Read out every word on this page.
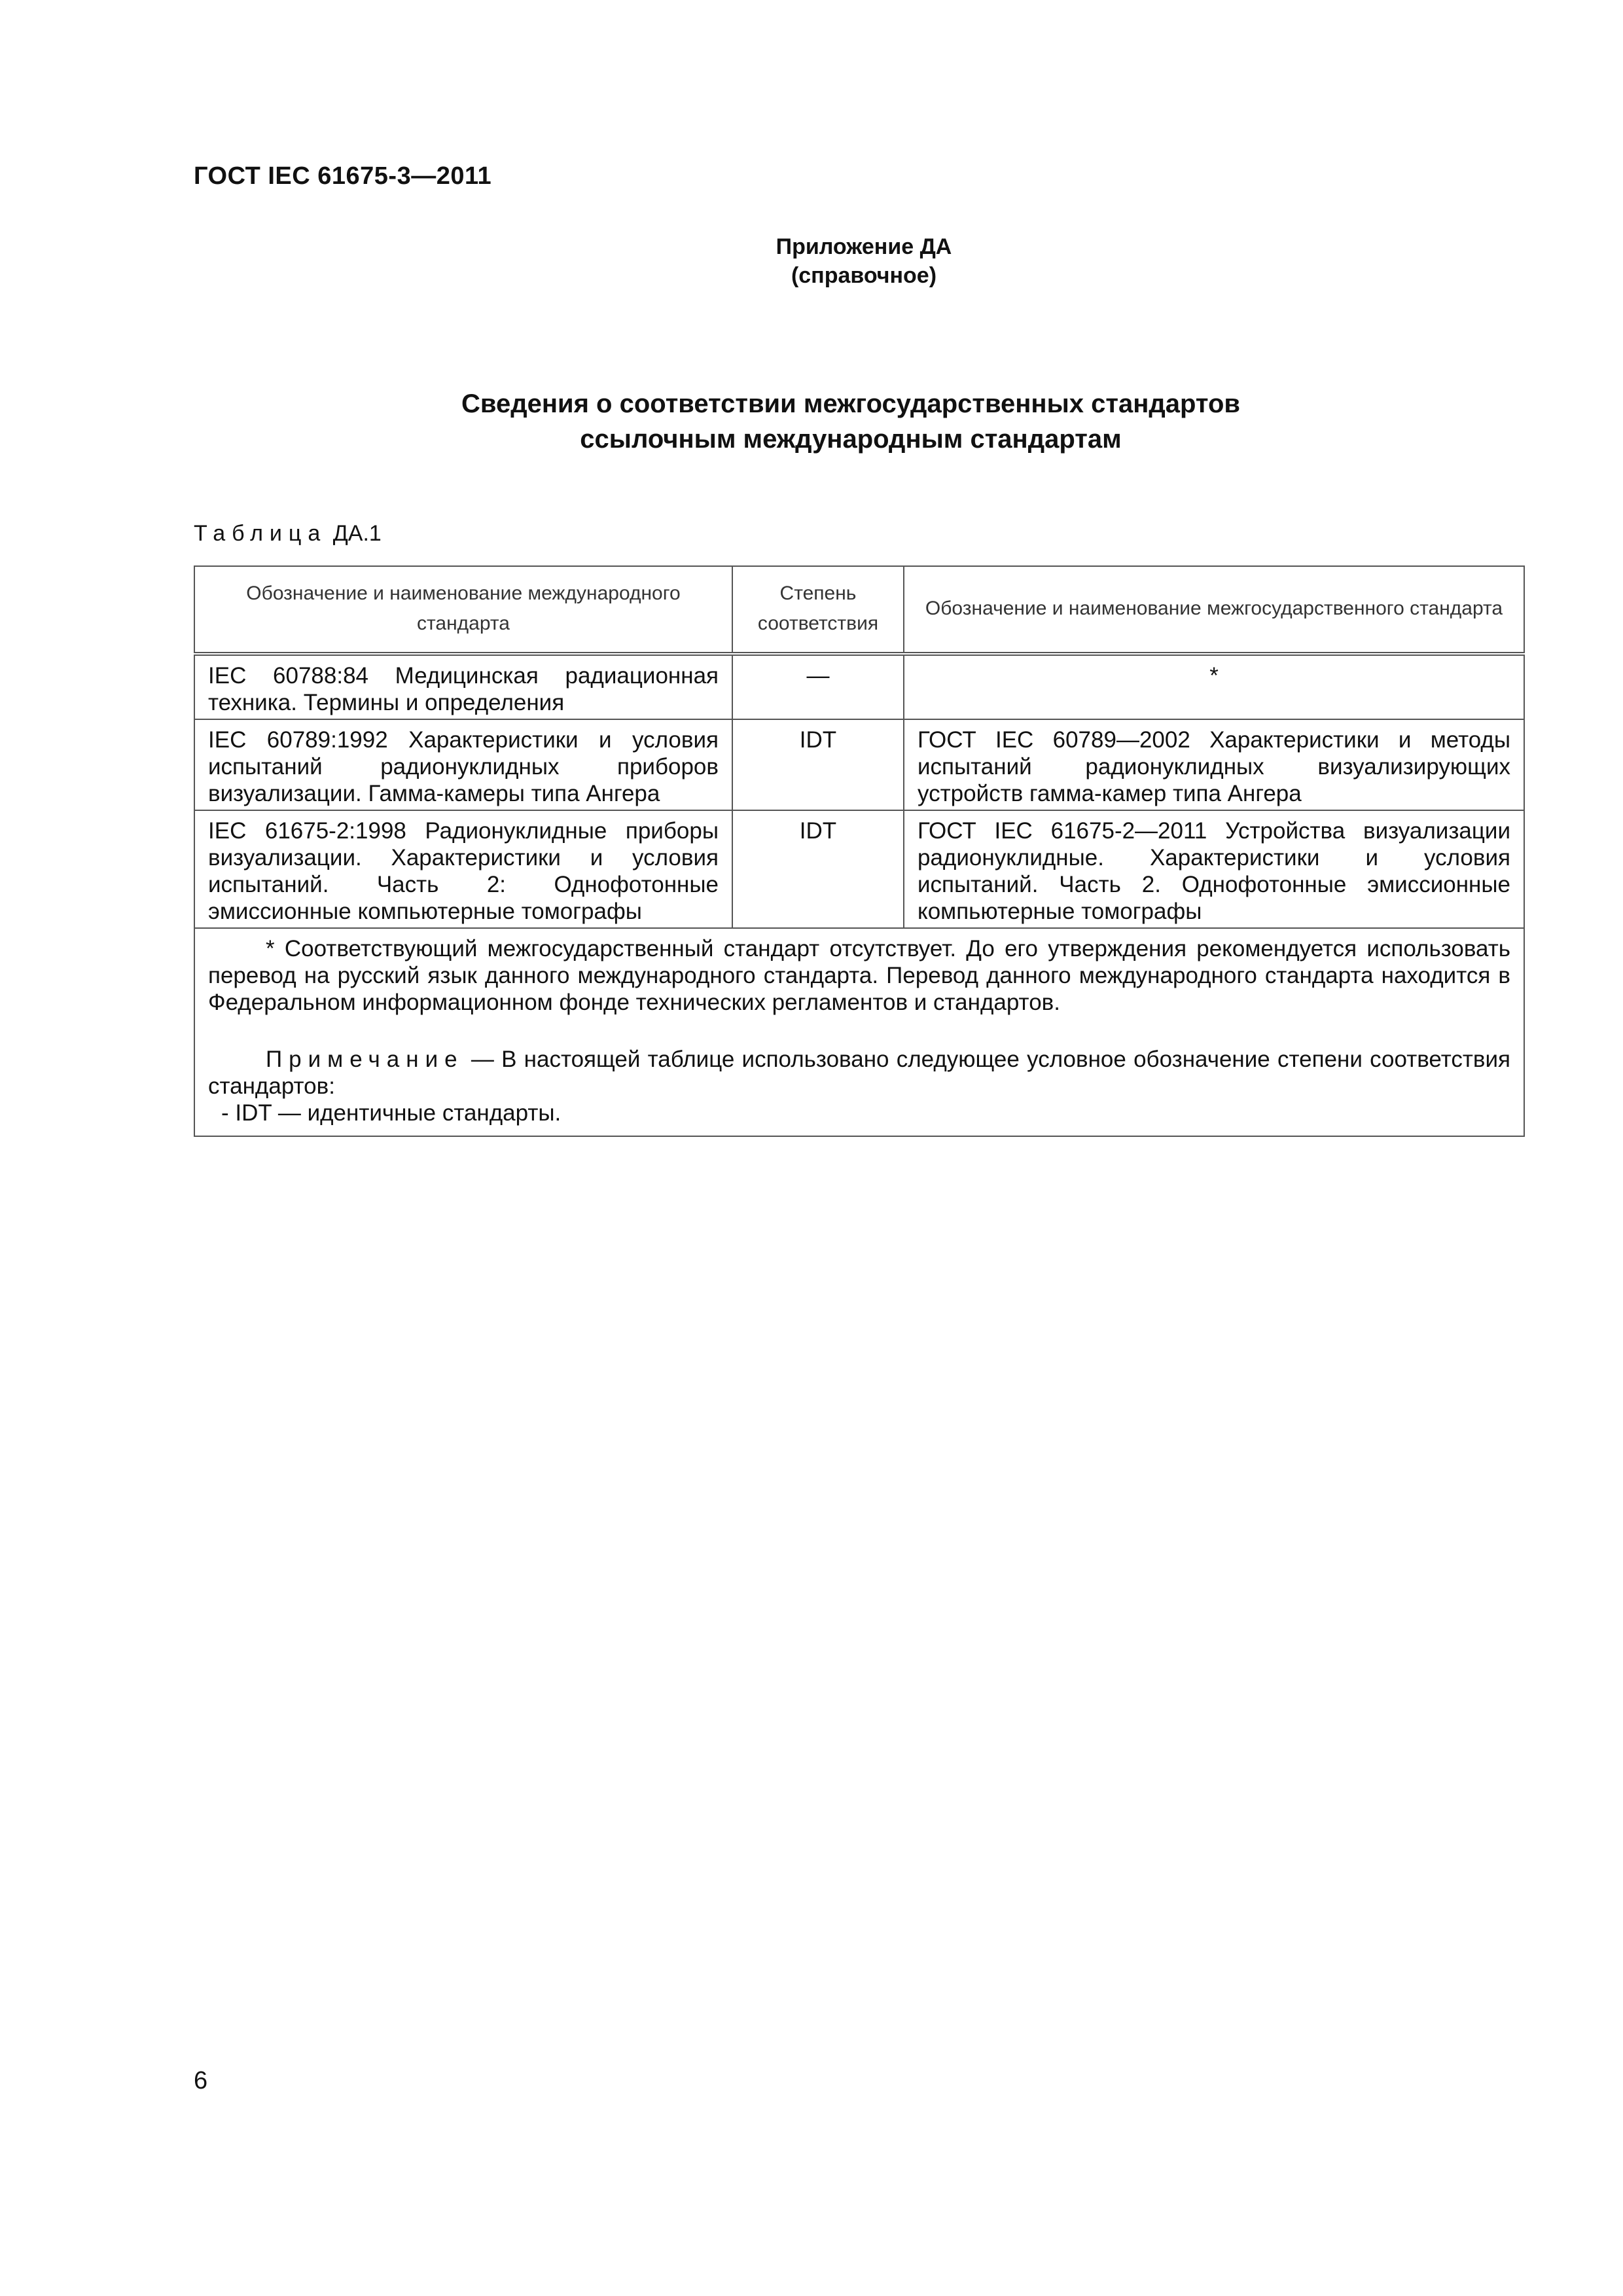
ГОСТ IEC 61675-3—2011
Приложение ДА
(справочное)
Сведения о соответствии межгосударственных стандартов
ссылочным международным стандартам
Таблица ДА.1
Обозначение и наименование международного стандарта	Степень соответствия	Обозначение и наименование межгосударственного стандарта
IEC 60788:84 Медицинская радиационная техника. Термины и определения	—	*
IEC 60789:1992 Характеристики и условия испытаний радионуклидных приборов визуализации. Гамма-камеры типа Ангера	IDT	ГОСТ IEC 60789—2002 Характеристики и методы испытаний радионуклидных визуализирующих устройств гамма-камер типа Ангера
IEC 61675-2:1998 Радионуклидные приборы визуализации. Характеристики и условия испытаний. Часть 2: Однофотонные эмиссионные компьютерные томографы	IDT	ГОСТ IEC 61675-2—2011 Устройства визуализации радионуклидные. Характеристики и условия испытаний. Часть 2. Однофотонные эмиссионные компьютерные томографы

* Соответствующий межгосударственный стандарт отсутствует. До его утверждения рекомендуется использовать перевод на русский язык данного международного стандарта. Перевод данного международного стандарта находится в Федеральном информационном фонде технических регламентов и стандартов.

Примечание — В настоящей таблице использовано следующее условное обозначение степени соответствия стандартов:

- IDT — идентичные стандарты.		

6
